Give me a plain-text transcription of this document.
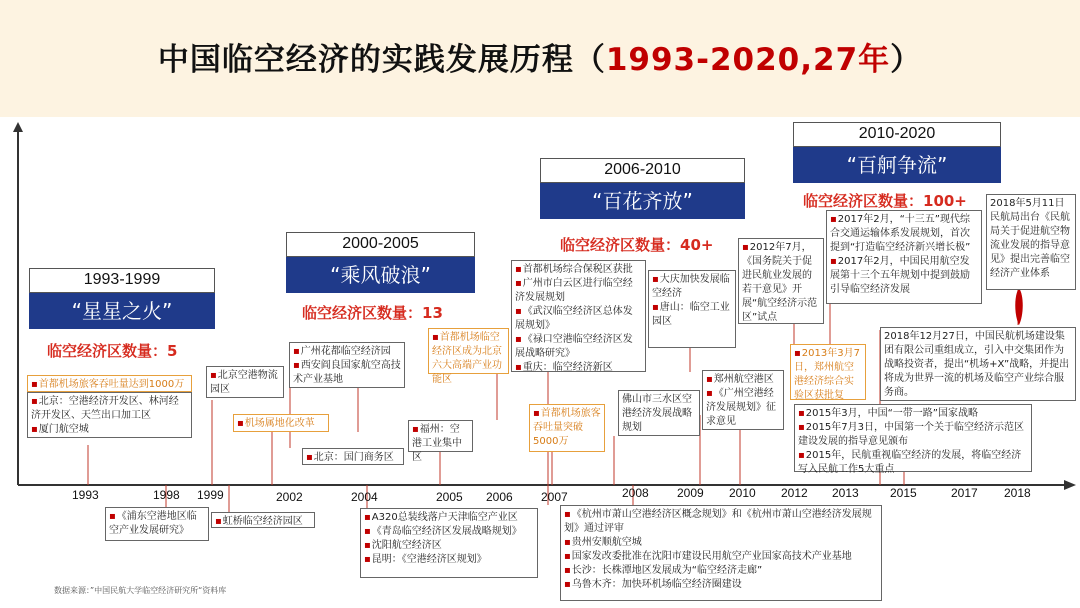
中国临空经济的实践发展历程（1993-2020,27年）
1993-1999
“星星之火”
临空经济区数量：5
2000-2005
“乘风破浪”
临空经济区数量：13
2006-2010
“百花齐放”
临空经济区数量：40+
2010-2020
“百舸争流”
临空经济区数量：100+
▪ 首都机场旅客吞吐量达到1000万
▪ 北京：空港经济开发区、林河经济开发区、天竺出口加工区
▪ 厦门航空城
▪ 北京空港物流园区
▪ 机场属地化改革
▪ 广州花都临空经济园
▪ 西安阎良国家航空高技术产业基地
▪ 北京：国门商务区
▪ 首都机场临空经济区成为北京六大高端产业功能区
▪ 福州：空港工业集中区
▪ 首都机场综合保税区获批
▪ 广州市白云区进行临空经济发展规划
▪ 《武汉临空经济区总体发展规划》
▪ 《禄口空港临空经济区发展战略研究》
▪ 重庆：临空经济新区
▪ 首都机场旅客吞吐量突破5000万
▪ 大庆加快发展临空经济
▪ 唐山：临空工业园区
佛山市三水区空港经济发展战略规划
▪ 2012年7月，《国务院关于促进民航业发展的若干意见》开展“航空经济示范区”试点
▪ 郑州航空港区
▪ 《广州空港经济发展规划》征求意见
▪ 2013年3月7日，郑州航空港经济综合实验区获批复
▪ 2017年2月，“十三五”现代综合交通运输体系发展规划，首次提到“打造临空经济新兴增长极”
▪ 2017年2月，中国民用航空发展第十三个五年规划中提到鼓励引导临空经济发展
2018年5月11日民航局出台《民航局关于促进航空物流业发展的指导意见》提出完善临空经济产业体系
2018年12月27日，中国民航机场建设集团有限公司重组成立，引入中交集团作为战略投资者，提出“机场+X”战略，并提出将成为世界一流的机场及临空产业综合服务商。
▪ 2015年3月，中国“一带一路”国家战略
▪ 2015年7月3日，中国第一个关于临空经济示范区建设发展的指导意见颁布
▪ 2015年，民航重视临空经济的发展，将临空经济写入民航工作5大重点
1993	1998 1999	2002	2004	2005 2006 2007	2008 2009 2010 2012 2013	2015	2017 2018
▪ 《浦东空港地区临空产业发展研究》
▪ 虹桥临空经济园区
▪	A320总装线落户天津临空产业区
▪ 《青岛临空经济区发展战略规划》
▪ 沈阳航空经济区
▪ 昆明：《空港经济区规划》
▪ 《杭州市萧山空港经济区概念规划》和《杭州市萧山空港经济发展规划》通过评审
▪ 贵州安顺航空城
▪ 国家发改委批准在沈阳市建设民用航空产业国家高技术产业基地
▪ 长沙：长株潭地区发展成为“临空经济走廊”
▪ 乌鲁木齐：加快环机场临空经济圈建设
数据来源：”中国民航大学临空经济研究所“资料库
